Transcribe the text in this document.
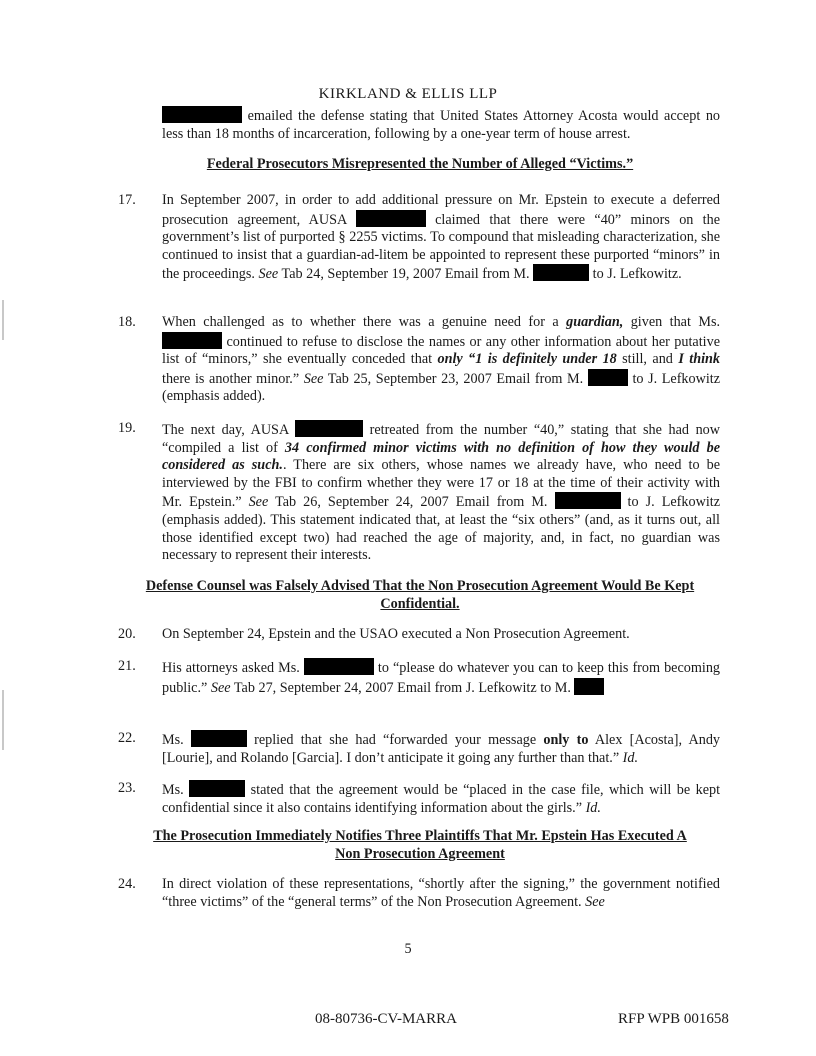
KIRKLAND & ELLIS LLP
emailed the defense stating that United States Attorney Acosta would accept no less than 18 months of incarceration, following by a one-year term of house arrest.
Federal Prosecutors Misrepresented the Number of Alleged “Victims.”
17.	In September 2007, in order to add additional pressure on Mr. Epstein to execute a deferred prosecution agreement, AUSA	claimed that there were “40” minors on the government’s list of purported § 2255 victims. To compound that misleading characterization, she continued to insist that a guardian-ad-litem be appointed to represent these purported “minors” in the proceedings. See Tab 24, September 19, 2007 Email from M.	to J. Lefkowitz.
18.	When challenged as to whether there was a genuine need for a guardian, given that Ms.  continued to refuse to disclose the names or any other information about her putative list of “minors,” she eventually conceded that only “1 is definitely under 18 still, and I think there is another minor.” See Tab 25, September 23, 2007 Email from M.	to J. Lefkowitz (emphasis added).
19.	The next day, AUSA	retreated from the number “40,” stating that she had now “compiled a list of 34 confirmed minor victims with no definition of how they would be considered as such.. There are six others, whose names we already have, who need to be interviewed by the FBI to confirm whether they were 17 or 18 at the time of their activity with Mr. Epstein.” See Tab 26, September 24, 2007 Email from M.	to J. Lefkowitz (emphasis added). This statement indicated that, at least the “six others” (and, as it turns out, all those identified except two) had reached the age of majority, and, in fact, no guardian was necessary to represent their interests.
Defense Counsel was Falsely Advised That the Non Prosecution Agreement Would Be Kept
Confidential.
20.	On September 24, Epstein and the USAO executed a Non Prosecution Agreement.
21.	His attorneys asked Ms.	to “please do whatever you can to keep this from becoming public.” See Tab 27, September 24, 2007 Email from J. Lefkowitz to M.
22.	Ms.	replied that she had “forwarded your message only to Alex [Acosta], Andy [Lourie], and Rolando [Garcia]. I don’t anticipate it going any further than that.” Id.
23.	Ms.	stated that the agreement would be “placed in the case file, which will be kept confidential since it also contains identifying information about the girls.” Id.
The Prosecution Immediately Notifies Three Plaintiffs That Mr. Epstein Has Executed A
Non Prosecution Agreement
24.	In direct violation of these representations, “shortly after the signing,” the government notified “three victims” of the “general terms” of the Non Prosecution Agreement. See
5
08-80736-CV-MARRA	RFP WPB 001658
